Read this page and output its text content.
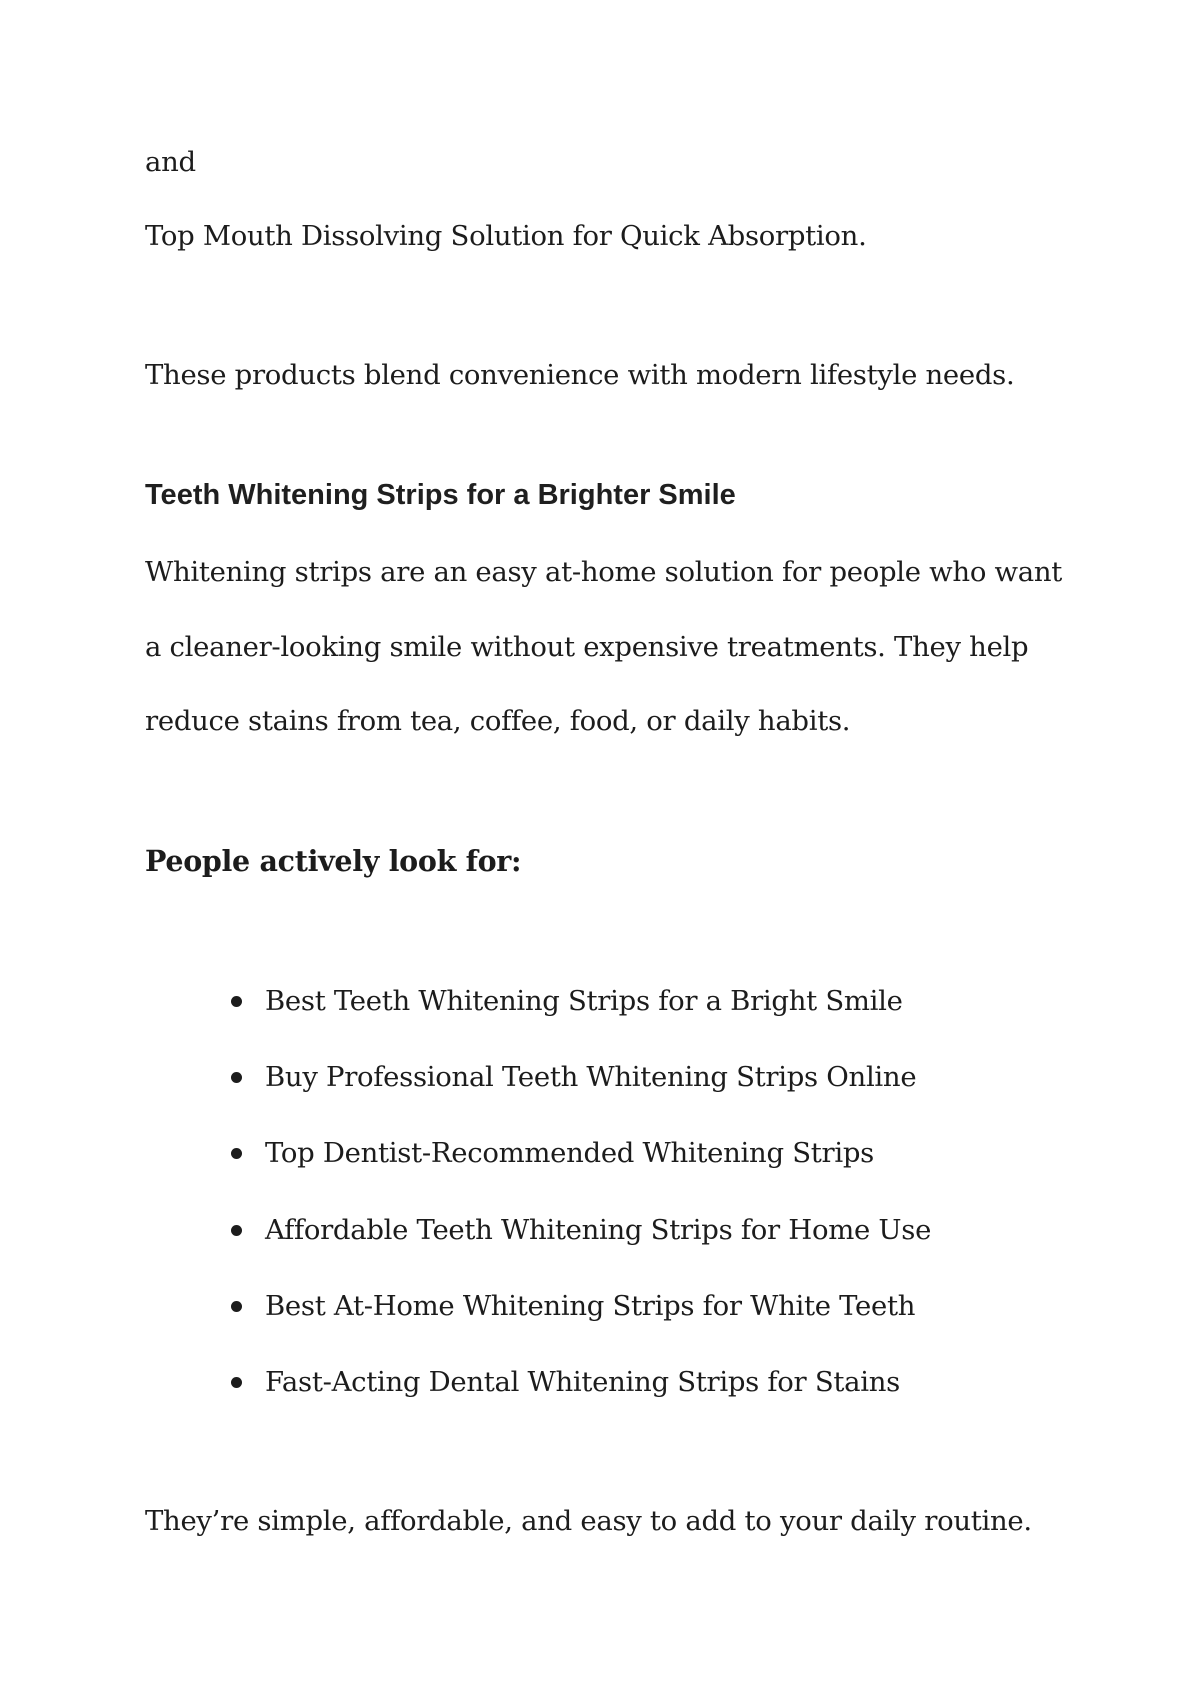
and

Top Mouth Dissolving Solution for Quick Absorption.

These products blend convenience with modern lifestyle needs.

Teeth Whitening Strips for a Brighter Smile

Whitening strips are an easy at-home solution for people who want

a cleaner-looking smile without expensive treatments. They help

reduce stains from tea, coffee, food, or daily habits.

People actively look for:
Best Teeth Whitening Strips for a Bright Smile
Buy Professional Teeth Whitening Strips Online
Top Dentist-Recommended Whitening Strips
Affordable Teeth Whitening Strips for Home Use
Best At-Home Whitening Strips for White Teeth
Fast-Acting Dental Whitening Strips for Stains

They’re simple, affordable, and easy to add to your daily routine.
